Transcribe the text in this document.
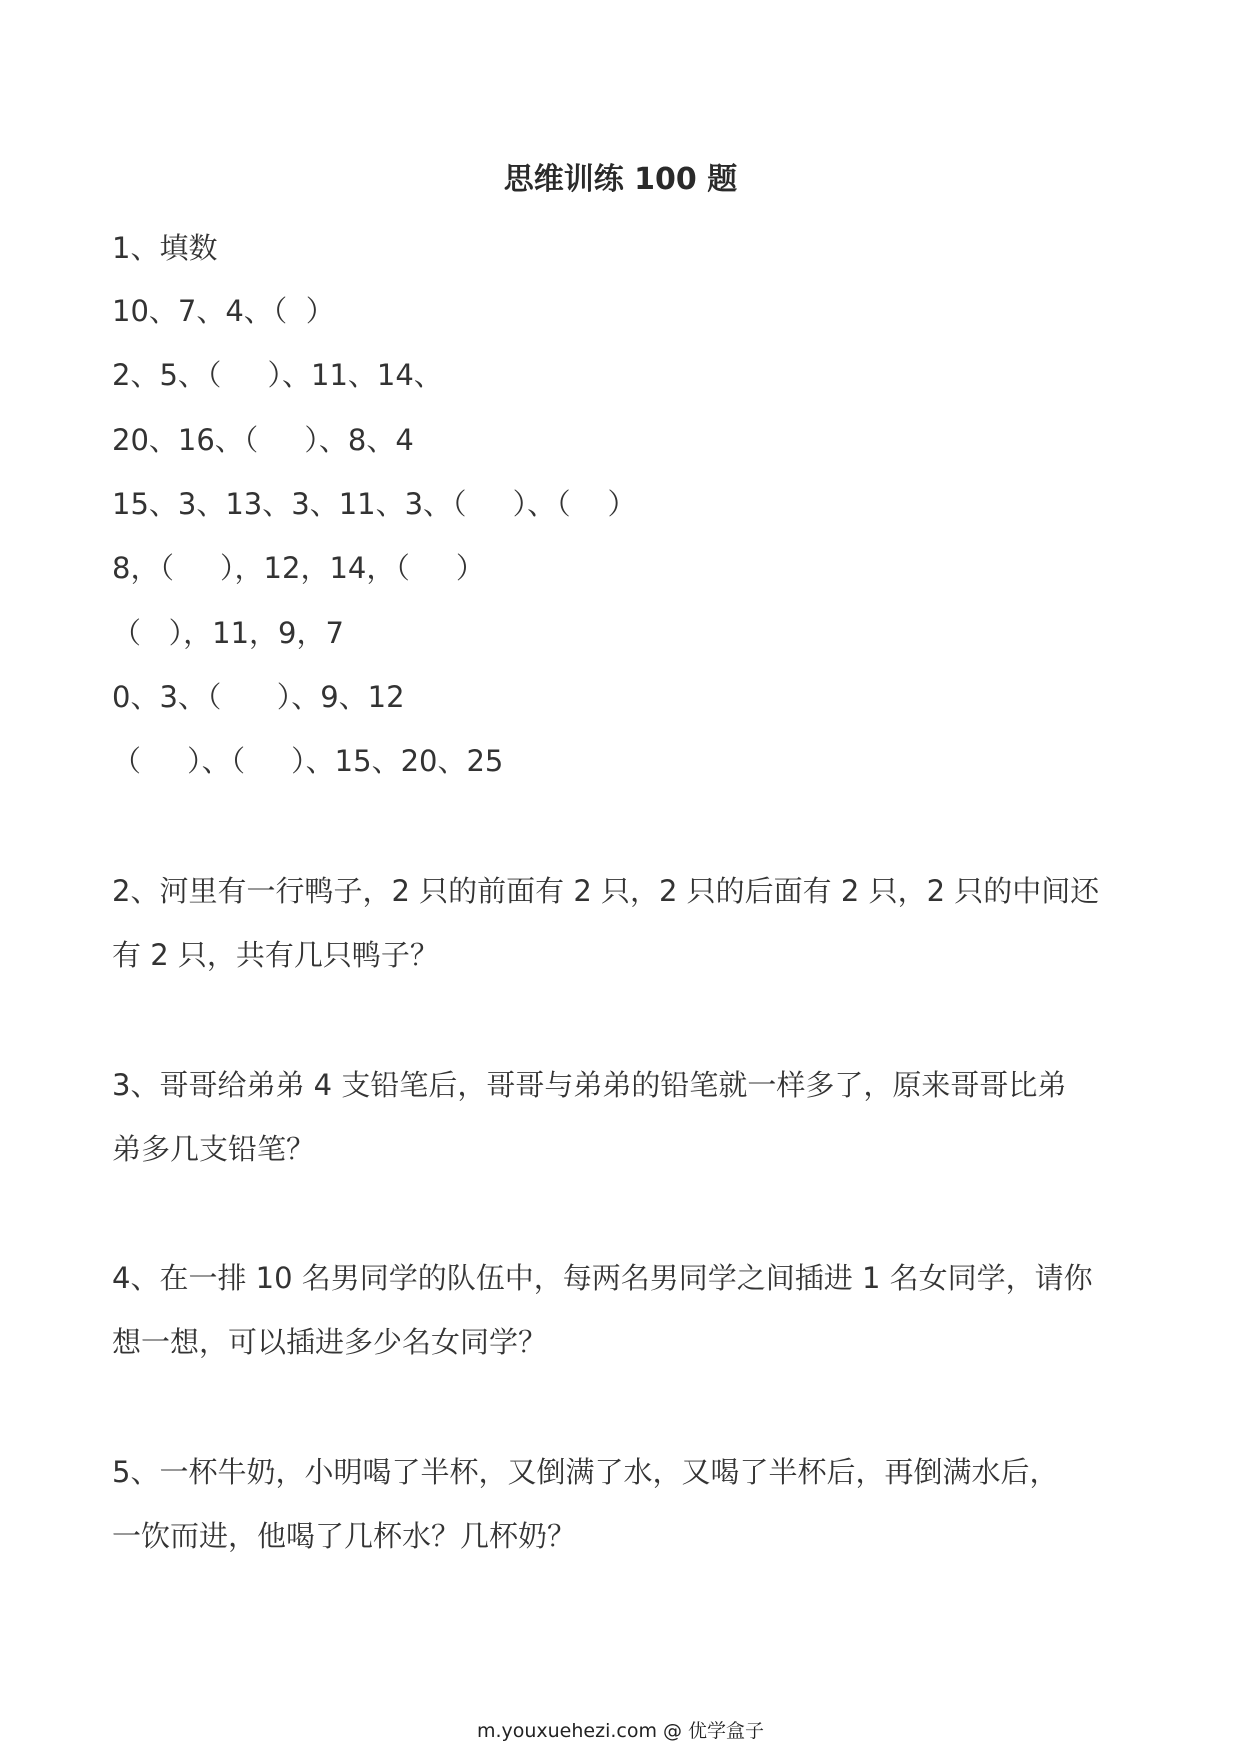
思维训练 100 题
1、填数
10、7、4、（  ）
2、5、（     ）、11、14、
20、16、（     ）、8、4
15、3、13、3、11、3、（     ）、（    ）
8，（     ），12，14，（     ）
（   ），11，9，7
0、3、（      ）、9、12
（     ）、（     ）、15、20、25
2、河里有一行鸭子，2 只的前面有 2 只，2 只的后面有 2 只，2 只的中间还
有 2 只，共有几只鸭子？
3、哥哥给弟弟 4 支铅笔后，哥哥与弟弟的铅笔就一样多了，原来哥哥比弟
弟多几支铅笔？
4、在一排 10 名男同学的队伍中，每两名男同学之间插进 1 名女同学，请你
想一想，可以插进多少名女同学？
5、一杯牛奶，小明喝了半杯，又倒满了水，又喝了半杯后，再倒满水后，
一饮而进，他喝了几杯水？几杯奶？
m.youxuehezi.com @ 优学盒子
